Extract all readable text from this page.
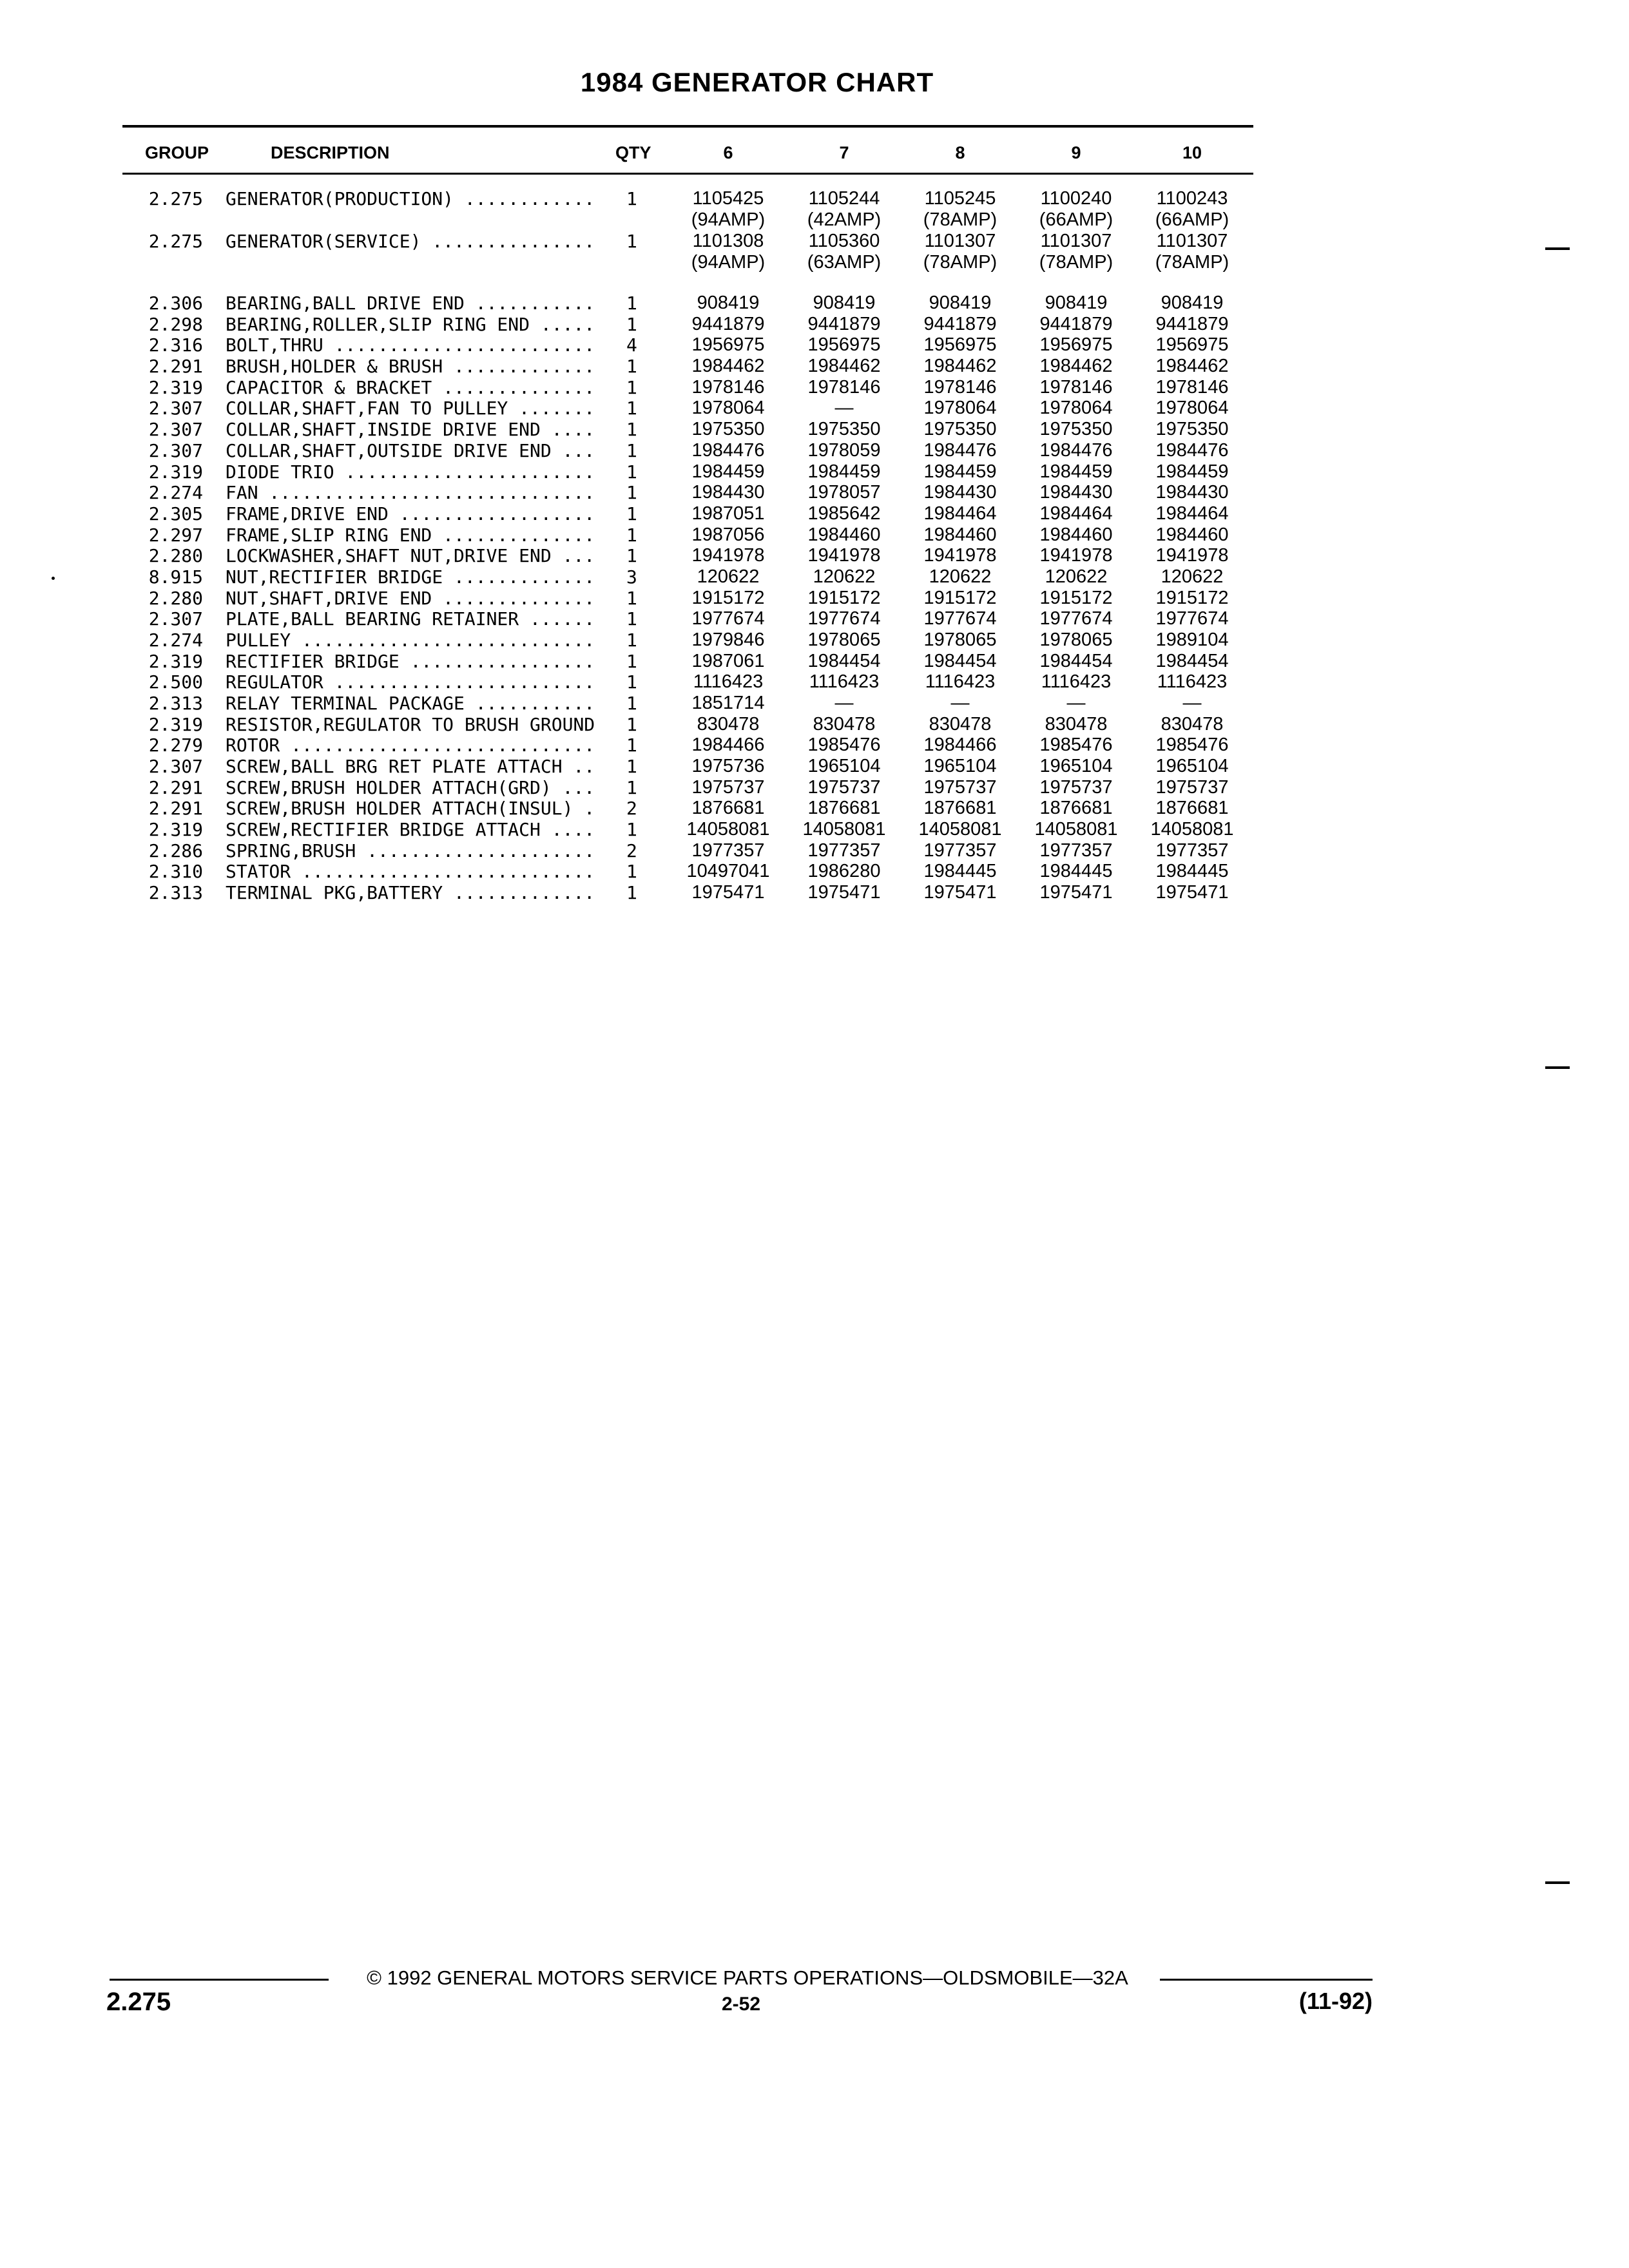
1984 GENERATOR CHART
GROUP	DESCRIPTION	QTY	6	7	8	9	10
2.275 GENERATOR(PRODUCTION) ............	1	1105425	1105244	1105245	1100240	1100243
(94AMP)	(42AMP)	(78AMP)	(66AMP)	(66AMP)
2.275 GENERATOR(SERVICE) ...............	1	1101308	1105360	1101307	1101307	1101307
(94AMP)	(63AMP)	(78AMP)	(78AMP)	(78AMP)
2.306 BEARING,BALL DRIVE END ...........	1	908419	908419	908419	908419	908419
2.298 BEARING,ROLLER,SLIP RING END .....	1	9441879	9441879	9441879	9441879	9441879
2.316 BOLT,THRU ........................	4	1956975	1956975	1956975	1956975	1956975
2.291 BRUSH,HOLDER & BRUSH .............	1	1984462	1984462	1984462	1984462	1984462
2.319 CAPACITOR & BRACKET ..............	1	1978146	1978146	1978146	1978146	1978146
2.307 COLLAR,SHAFT,FAN TO PULLEY .......	1	1978064	—	1978064	1978064	1978064
2.307 COLLAR,SHAFT,INSIDE DRIVE END ....	1	1975350	1975350	1975350	1975350	1975350
2.307 COLLAR,SHAFT,OUTSIDE DRIVE END ...	1	1984476	1978059	1984476	1984476	1984476
2.319 DIODE TRIO .......................	1	1984459	1984459	1984459	1984459	1984459
2.274 FAN ..............................	1	1984430	1978057	1984430	1984430	1984430
2.305 FRAME,DRIVE END ..................	1	1987051	1985642	1984464	1984464	1984464
2.297 FRAME,SLIP RING END ..............	1	1987056	1984460	1984460	1984460	1984460
2.280 LOCKWASHER,SHAFT NUT,DRIVE END ...	1	1941978	1941978	1941978	1941978	1941978
8.915 NUT,RECTIFIER BRIDGE .............	3	120622	120622	120622	120622	120622
2.280 NUT,SHAFT,DRIVE END ..............	1	1915172	1915172	1915172	1915172	1915172
2.307 PLATE,BALL BEARING RETAINER ......	1	1977674	1977674	1977674	1977674	1977674
2.274 PULLEY ...........................	1	1979846	1978065	1978065	1978065	1989104
2.319 RECTIFIER BRIDGE .................	1	1987061	1984454	1984454	1984454	1984454
2.500 REGULATOR ........................	1	1116423	1116423	1116423	1116423	1116423
2.313 RELAY TERMINAL PACKAGE ...........	1	1851714	—	—	—	—
2.319 RESISTOR,REGULATOR TO BRUSH GROUND	1	830478	830478	830478	830478	830478
2.279 ROTOR ............................	1	1984466	1985476	1984466	1985476	1985476
2.307 SCREW,BALL BRG RET PLATE ATTACH ..	1	1975736	1965104	1965104	1965104	1965104
2.291 SCREW,BRUSH HOLDER ATTACH(GRD) ...	1	1975737	1975737	1975737	1975737	1975737
2.291 SCREW,BRUSH HOLDER ATTACH(INSUL) .	2	1876681	1876681	1876681	1876681	1876681
2.319 SCREW,RECTIFIER BRIDGE ATTACH ....	1	14058081	14058081	14058081	14058081	14058081
2.286 SPRING,BRUSH .....................	2	1977357	1977357	1977357	1977357	1977357
2.310 STATOR ...........................	1	10497041	1986280	1984445	1984445	1984445
2.313 TERMINAL PKG,BATTERY .............	1	1975471	1975471	1975471	1975471	1975471
© 1992 GENERAL MOTORS SERVICE PARTS OPERATIONS—OLDSMOBILE—32A
2.275	2-52	(11-92)
